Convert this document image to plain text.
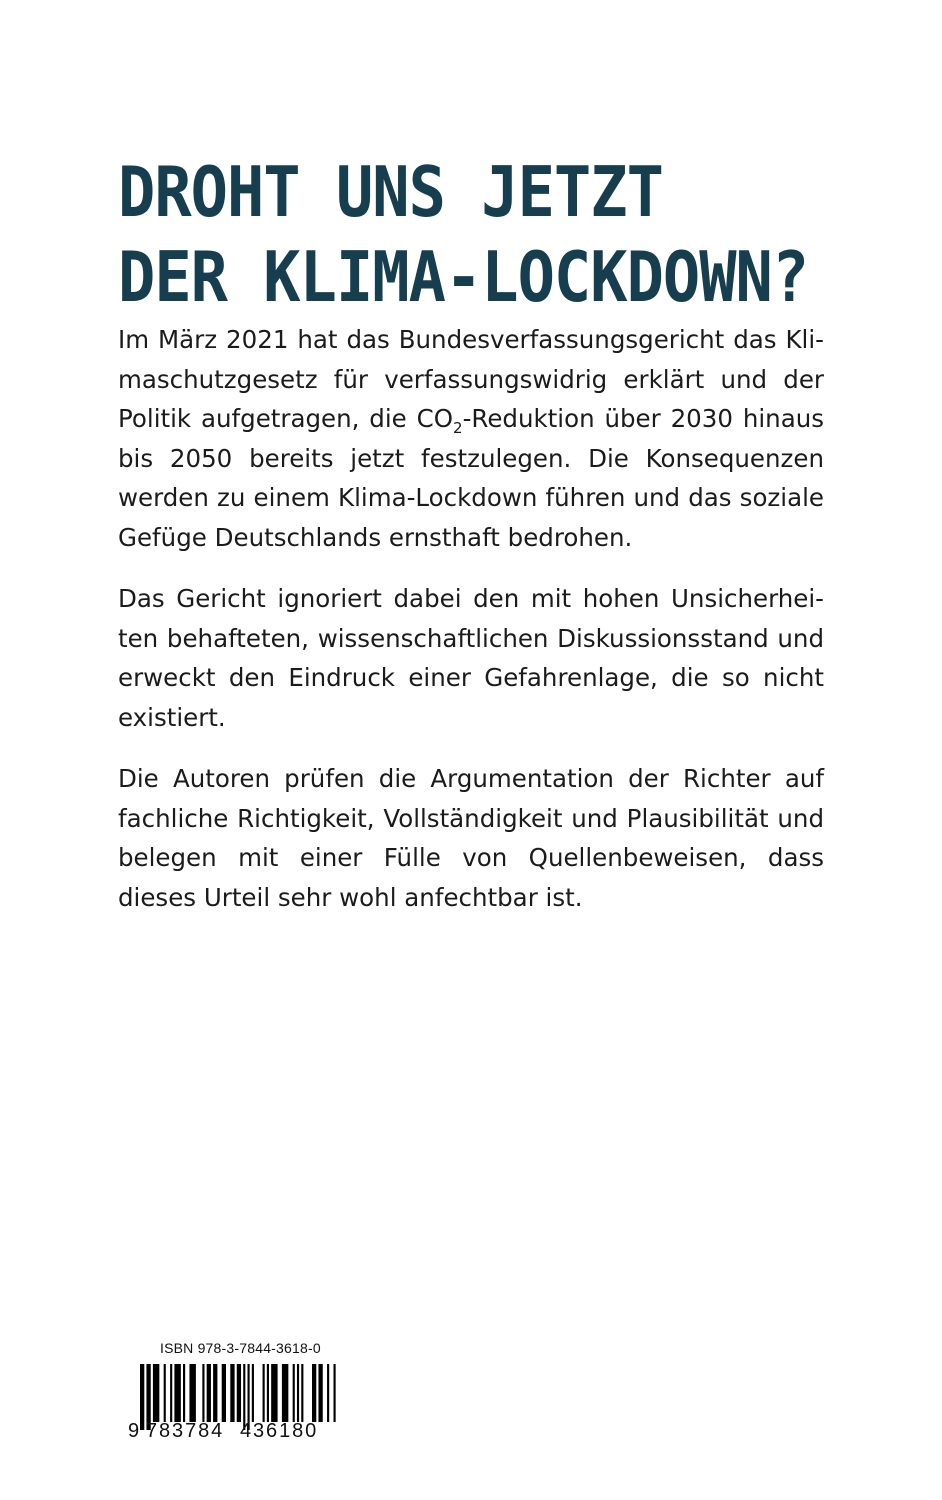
DROHT UNS JETZT
DER KLIMA-LOCKDOWN?

Im März 2021 hat das Bundesverfassungsgericht das Klimaschutzgesetz für verfassungswidrig erklärt und der Politik aufgetragen, die $CO_2$-Reduktion über 2030 hinaus bis 2050 bereits jetzt festzulegen. Die Konsequenzen werden zu einem Klima-Lockdown führen und das soziale Gefüge Deutschlands ernsthaft bedrohen.

Das Gericht ignoriert dabei den mit hohen Unsicherheiten behafteten, wissenschaftlichen Diskussionsstand und erweckt den Eindruck einer Gefahrenlage, die so nicht existiert.

Die Autoren prüfen die Argumentation der Richter auf fachliche Richtigkeit, Vollständigkeit und Plausibilität und belegen mit einer Fülle von Quellenbeweisen, dass dieses Urteil sehr wohl anfechtbar ist.

ISBN 978-3-7844-3618-0
9 783784 436180
